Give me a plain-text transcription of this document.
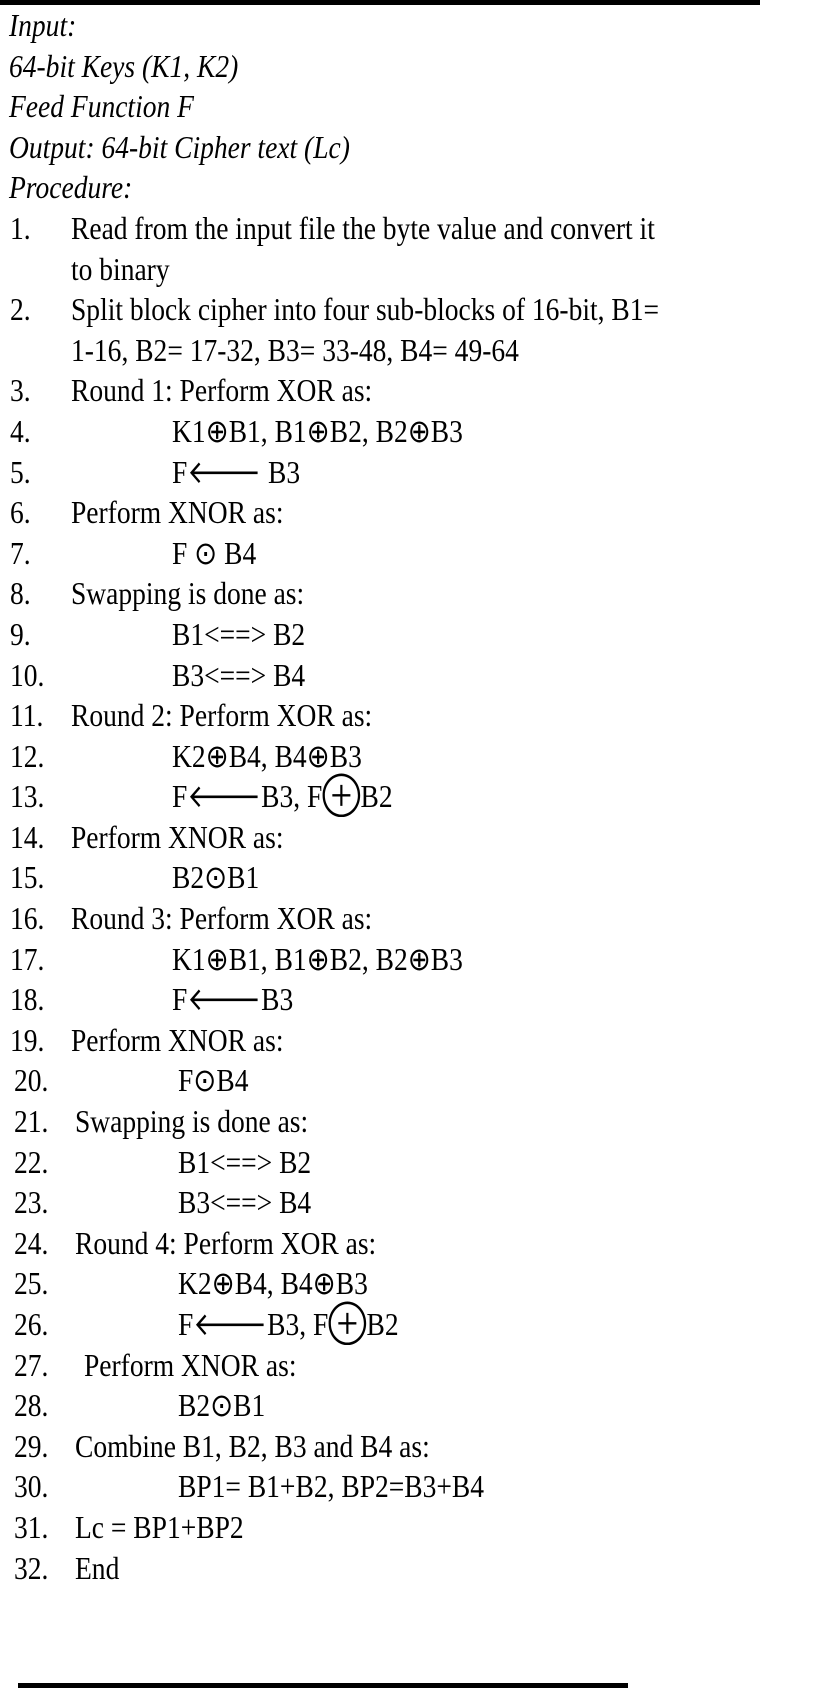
Input:
64-bit Keys (K1, K2)
Feed Function F
Output: 64-bit Cipher text (Lc)
Procedure:
1. Read from the input file the byte value and convert it
to binary
2. Split block cipher into four sub-blocks of 16-bit, B1=
1-16, B2= 17-32, B3= 33-48, B4= 49-64
3. Round 1: Perform XOR as:
4.	K1⊕B1, B1⊕B2, B2⊕B3
5.	F🡐 B3
6. Perform XNOR as:
7.	F ⊙ B4
8. Swapping is done as:
9.	B1<==> B2
10.	B3<==> B4
11. Round 2: Perform XOR as:
12.	K2⊕B4, B4⊕B3
13.	F🡐B3, F⊕B2
14. Perform XNOR as:
15.	B2⊙B1
16. Round 3: Perform XOR as:
17.	K1⊕B1, B1⊕B2, B2⊕B3
18.	F🡐B3
19. Perform XNOR as:
20.	F⊙B4
21. Swapping is done as:
22.	B1<==> B2
23.	B3<==> B4
24. Round 4: Perform XOR as:
25.	K2⊕B4, B4⊕B3
26.	F🡐B3, F⊕B2
27. Perform XNOR as:
28.	B2⊙B1
29. Combine B1, B2, B3 and B4 as:
30.	BP1= B1+B2, BP2=B3+B4
31. Lc = BP1+BP2
32. End
